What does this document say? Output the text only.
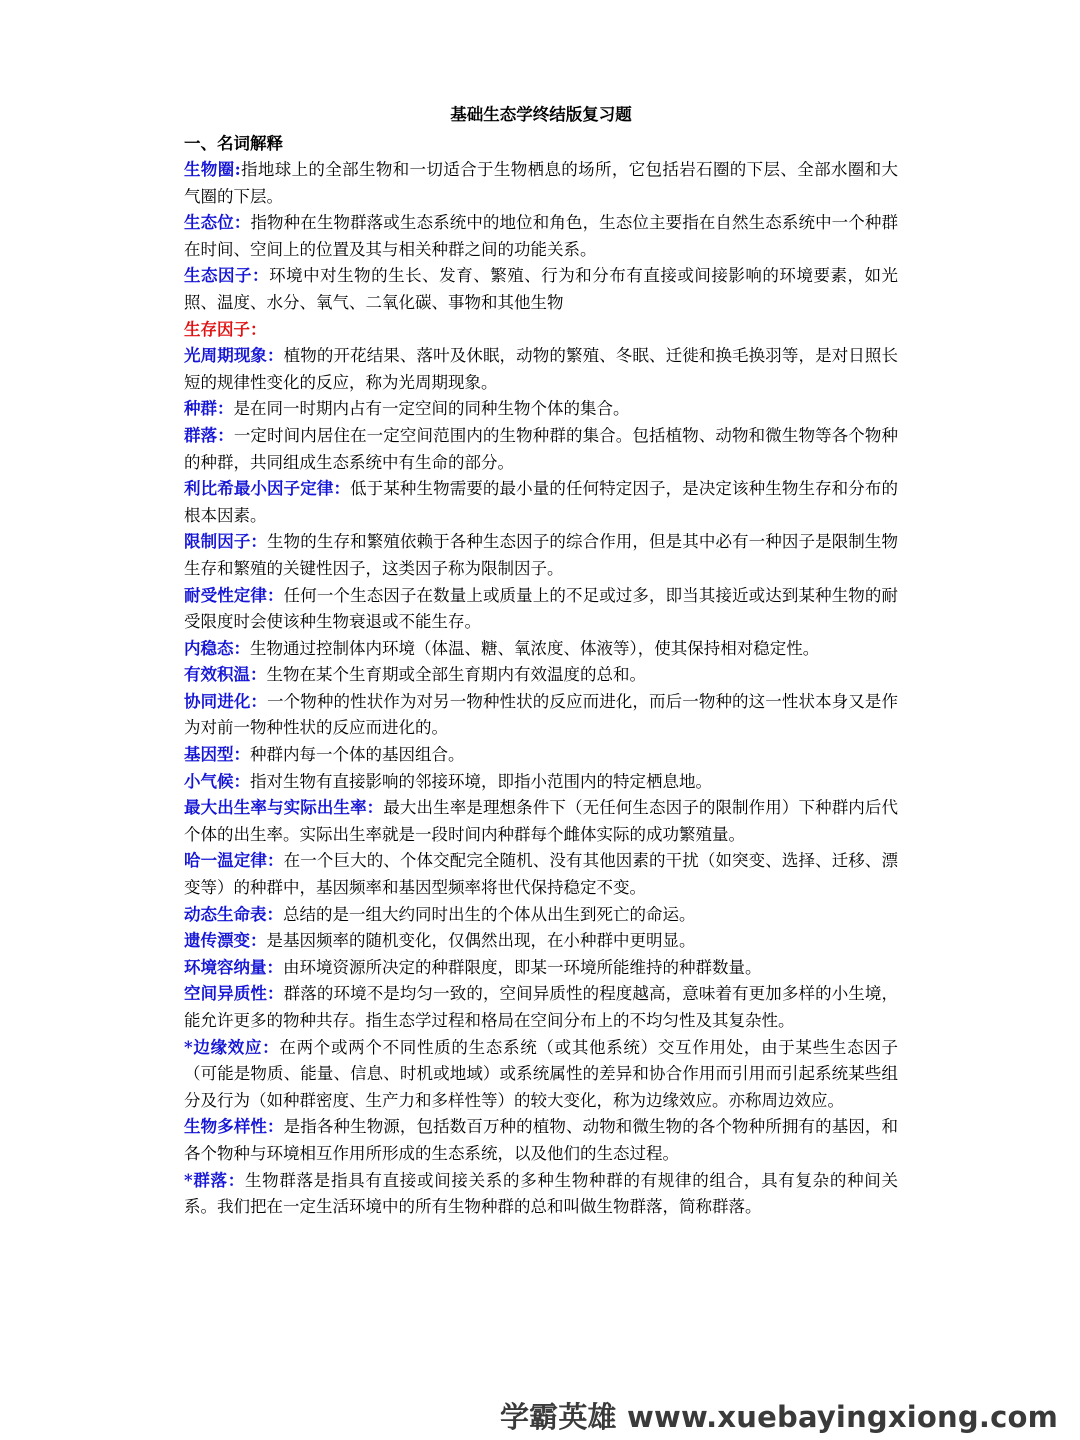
基础生态学终结版复习题
一、名词解释

生物圈:指地球上的全部生物和一切适合于生物栖息的场所，它包括岩石圈的下层、全部水圈和大气圈的下层。

生态位：指物种在生物群落或生态系统中的地位和角色，生态位主要指在自然生态系统中一个种群在时间、空间上的位置及其与相关种群之间的功能关系。

生态因子：环境中对生物的生长、发育、繁殖、行为和分布有直接或间接影响的环境要素，如光照、温度、水分、氧气、二氧化碳、事物和其他生物

生存因子：

光周期现象：植物的开花结果、落叶及休眠，动物的繁殖、冬眠、迁徙和换毛换羽等，是对日照长短的规律性变化的反应，称为光周期现象。

种群：是在同一时期内占有一定空间的同种生物个体的集合。

群落：一定时间内居住在一定空间范围内的生物种群的集合。包括植物、动物和微生物等各个物种的种群，共同组成生态系统中有生命的部分。

利比希最小因子定律：低于某种生物需要的最小量的任何特定因子，是决定该种生物生存和分布的根本因素。

限制因子：生物的生存和繁殖依赖于各种生态因子的综合作用，但是其中必有一种因子是限制生物生存和繁殖的关键性因子，这类因子称为限制因子。

耐受性定律：任何一个生态因子在数量上或质量上的不足或过多，即当其接近或达到某种生物的耐受限度时会使该种生物衰退或不能生存。

内稳态：生物通过控制体内环境（体温、糖、氧浓度、体液等），使其保持相对稳定性。

有效积温：生物在某个生育期或全部生育期内有效温度的总和。

协同进化：一个物种的性状作为对另一物种性状的反应而进化，而后一物种的这一性状本身又是作为对前一物种性状的反应而进化的。

基因型：种群内每一个体的基因组合。

小气候：指对生物有直接影响的邻接环境，即指小范围内的特定栖息地。

最大出生率与实际出生率：最大出生率是理想条件下（无任何生态因子的限制作用）下种群内后代个体的出生率。实际出生率就是一段时间内种群每个雌体实际的成功繁殖量。

哈一温定律：在一个巨大的、个体交配完全随机、没有其他因素的干扰（如突变、选择、迁移、漂变等）的种群中，基因频率和基因型频率将世代保持稳定不变。

动态生命表：总结的是一组大约同时出生的个体从出生到死亡的命运。

遗传漂变：是基因频率的随机变化，仅偶然出现，在小种群中更明显。

环境容纳量：由环境资源所决定的种群限度，即某一环境所能维持的种群数量。

空间异质性：群落的环境不是均匀一致的，空间异质性的程度越高，意味着有更加多样的小生境，能允许更多的物种共存。指生态学过程和格局在空间分布上的不均匀性及其复杂性。

*边缘效应：在两个或两个不同性质的生态系统（或其他系统）交互作用处，由于某些生态因子（可能是物质、能量、信息、时机或地域）或系统属性的差异和协合作用而引用而引起系统某些组分及行为（如种群密度、生产力和多样性等）的较大变化，称为边缘效应。亦称周边效应。

生物多样性：是指各种生物源，包括数百万种的植物、动物和微生物的各个物种所拥有的基因，和各个物种与环境相互作用所形成的生态系统，以及他们的生态过程。

*群落：生物群落是指具有直接或间接关系的多种生物种群的有规律的组合，具有复杂的种间关系。我们把在一定生活环境中的所有生物种群的总和叫做生物群落，简称群落。

学霸英雄 www.xuebayingxiong.com
